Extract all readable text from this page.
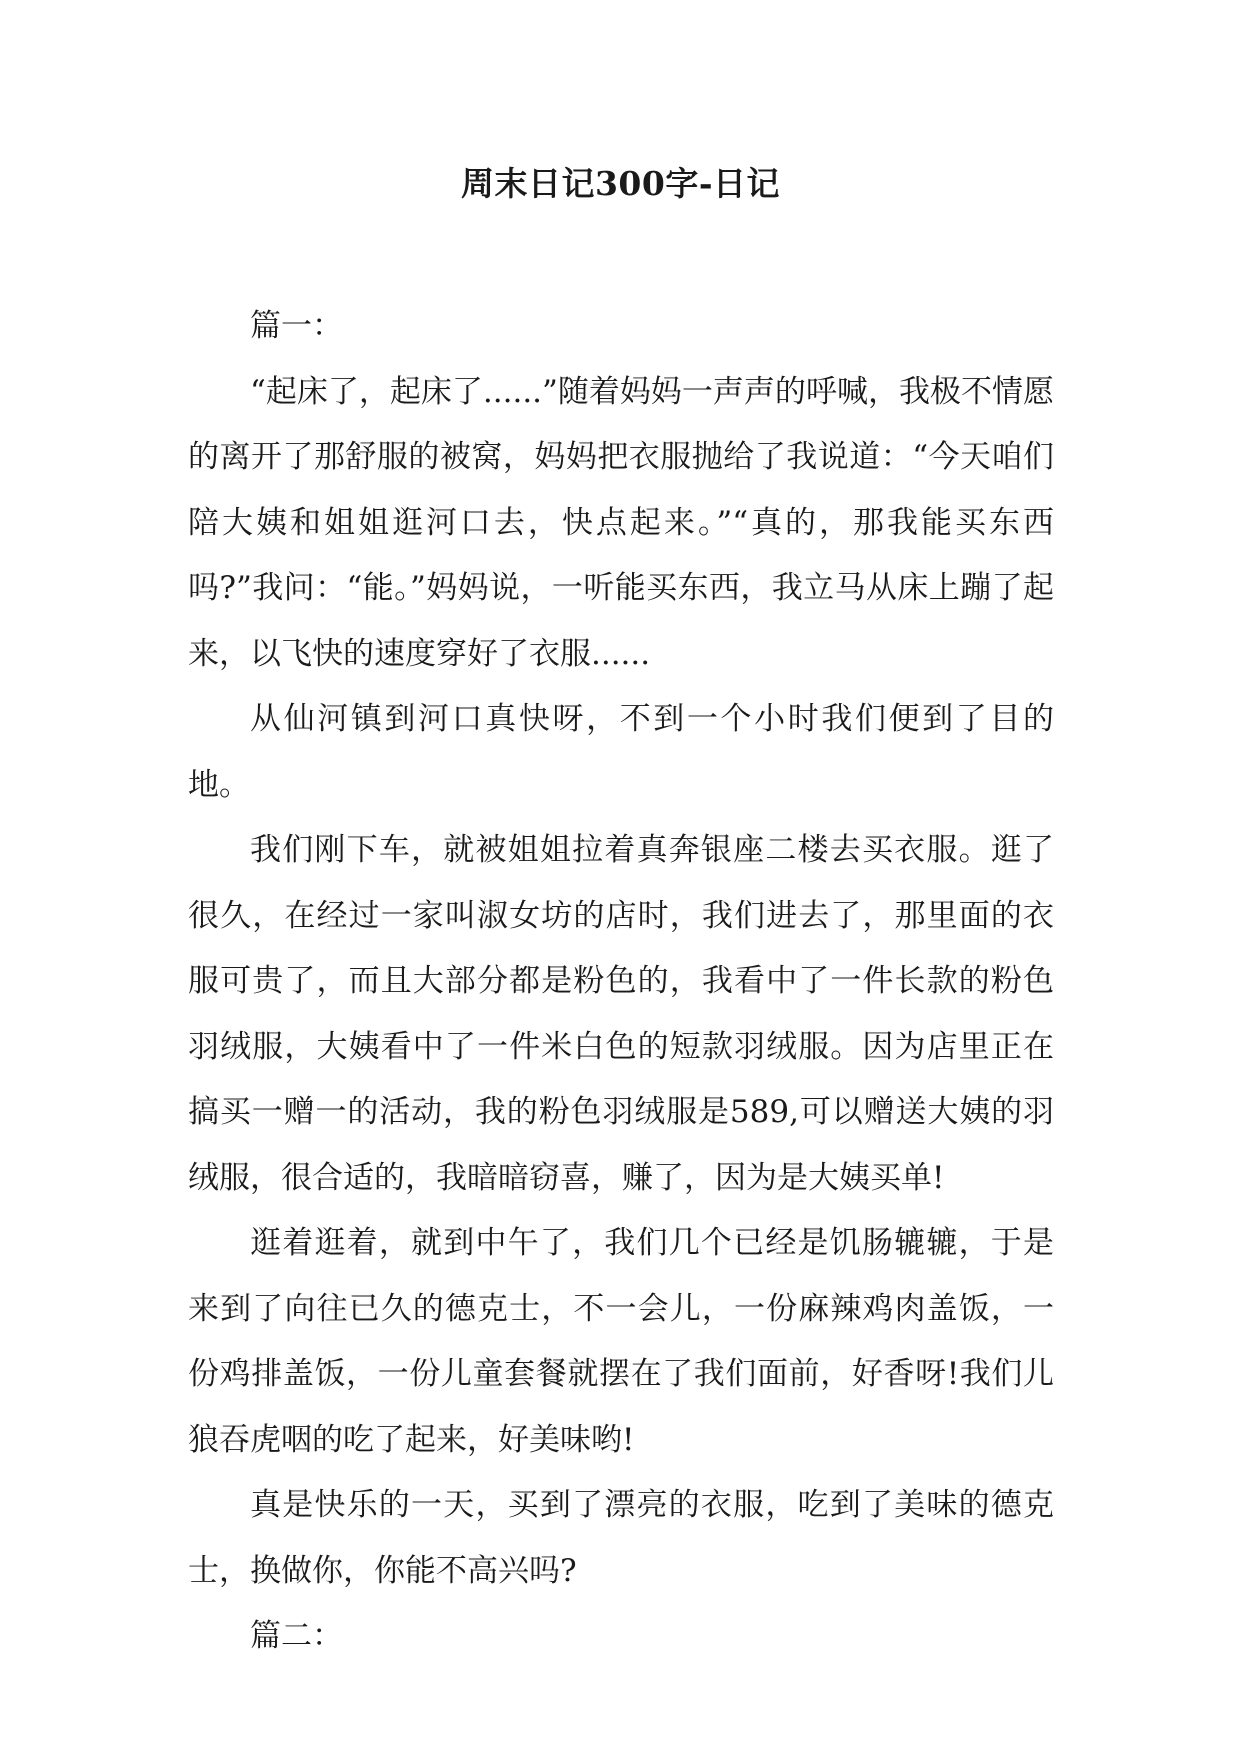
周末日记300字-日记

篇一：

“起床了，起床了......”随着妈妈一声声的呼喊，我极不情愿的离开了那舒服的被窝，妈妈把衣服抛给了我说道：“今天咱们陪大姨和姐姐逛河口去，快点起来。”“真的，那我能买东西吗?”我问：“能。”妈妈说，一听能买东西，我立马从床上蹦了起来，以飞快的速度穿好了衣服......

从仙河镇到河口真快呀，不到一个小时我们便到了目的地。

我们刚下车，就被姐姐拉着真奔银座二楼去买衣服。逛了很久，在经过一家叫淑女坊的店时，我们进去了，那里面的衣服可贵了，而且大部分都是粉色的，我看中了一件长款的粉色羽绒服，大姨看中了一件米白色的短款羽绒服。因为店里正在搞买一赠一的活动，我的粉色羽绒服是589,可以赠送大姨的羽绒服，很合适的，我暗暗窃喜，赚了，因为是大姨买单!

逛着逛着，就到中午了，我们几个已经是饥肠辘辘，于是来到了向往已久的德克士，不一会儿，一份麻辣鸡肉盖饭，一份鸡排盖饭，一份儿童套餐就摆在了我们面前，好香呀!我们儿狼吞虎咽的吃了起来，好美味哟!

真是快乐的一天，买到了漂亮的衣服，吃到了美味的德克士，换做你，你能不高兴吗?

篇二：
